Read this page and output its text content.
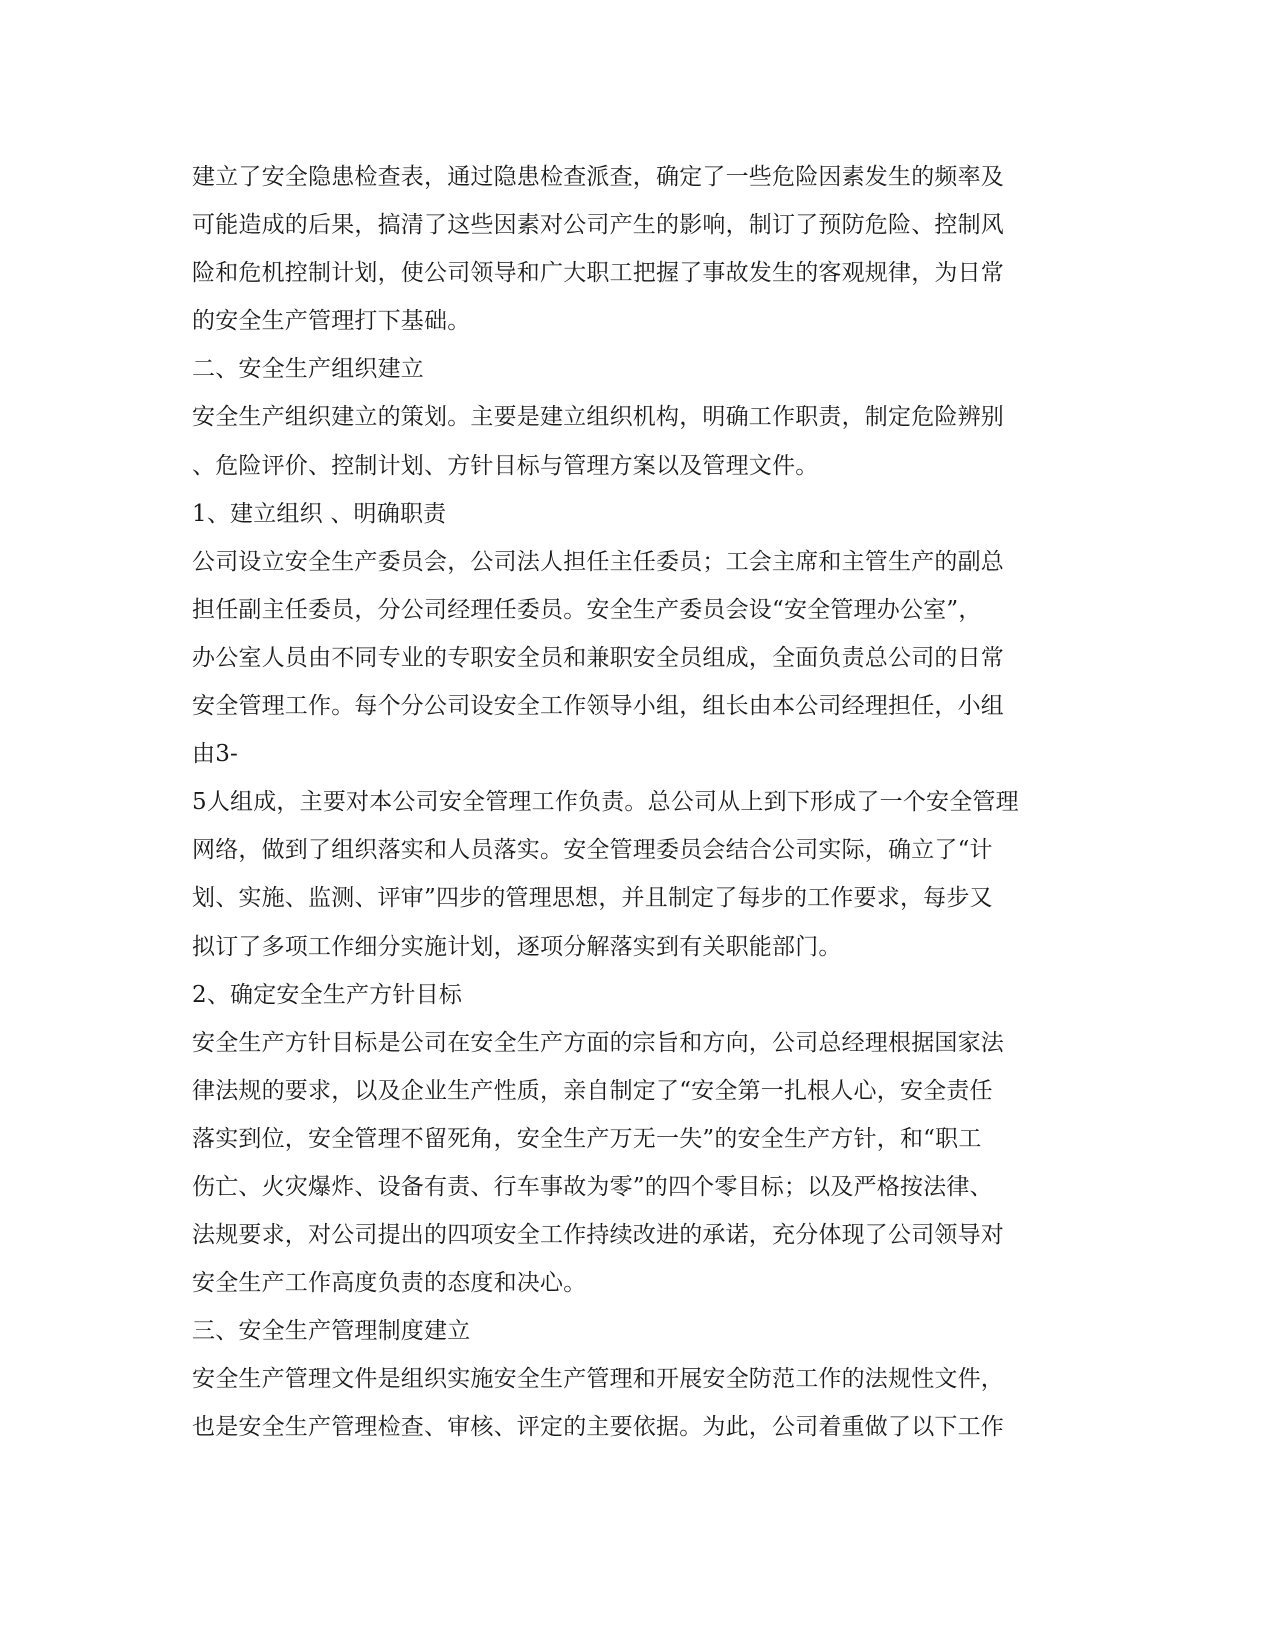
建立了安全隐患检查表，通过隐患检查派查，确定了一些危险因素发生的频率及
可能造成的后果，搞清了这些因素对公司产生的影响，制订了预防危险、控制风
险和危机控制计划，使公司领导和广大职工把握了事故发生的客观规律，为日常
的安全生产管理打下基础。
二、安全生产组织建立
安全生产组织建立的策划。主要是建立组织机构，明确工作职责，制定危险辨别
、危险评价、控制计划、方针目标与管理方案以及管理文件。
1、建立组织 、明确职责
公司设立安全生产委员会，公司法人担任主任委员；工会主席和主管生产的副总
担任副主任委员，分公司经理任委员。安全生产委员会设“安全管理办公室”，
办公室人员由不同专业的专职安全员和兼职安全员组成，全面负责总公司的日常
安全管理工作。每个分公司设安全工作领导小组，组长由本公司经理担任，小组
由3-
5人组成，主要对本公司安全管理工作负责。总公司从上到下形成了一个安全管理
网络，做到了组织落实和人员落实。安全管理委员会结合公司实际，确立了“计
划、实施、监测、评审”四步的管理思想，并且制定了每步的工作要求，每步又
拟订了多项工作细分实施计划，逐项分解落实到有关职能部门。
2、确定安全生产方针目标
安全生产方针目标是公司在安全生产方面的宗旨和方向，公司总经理根据国家法
律法规的要求，以及企业生产性质，亲自制定了“安全第一扎根人心，安全责任
落实到位，安全管理不留死角，安全生产万无一失”的安全生产方针，和“职工
伤亡、火灾爆炸、设备有责、行车事故为零”的四个零目标；以及严格按法律、
法规要求，对公司提出的四项安全工作持续改进的承诺，充分体现了公司领导对
安全生产工作高度负责的态度和决心。
三、安全生产管理制度建立
安全生产管理文件是组织实施安全生产管理和开展安全防范工作的法规性文件，
也是安全生产管理检查、审核、评定的主要依据。为此，公司着重做了以下工作
